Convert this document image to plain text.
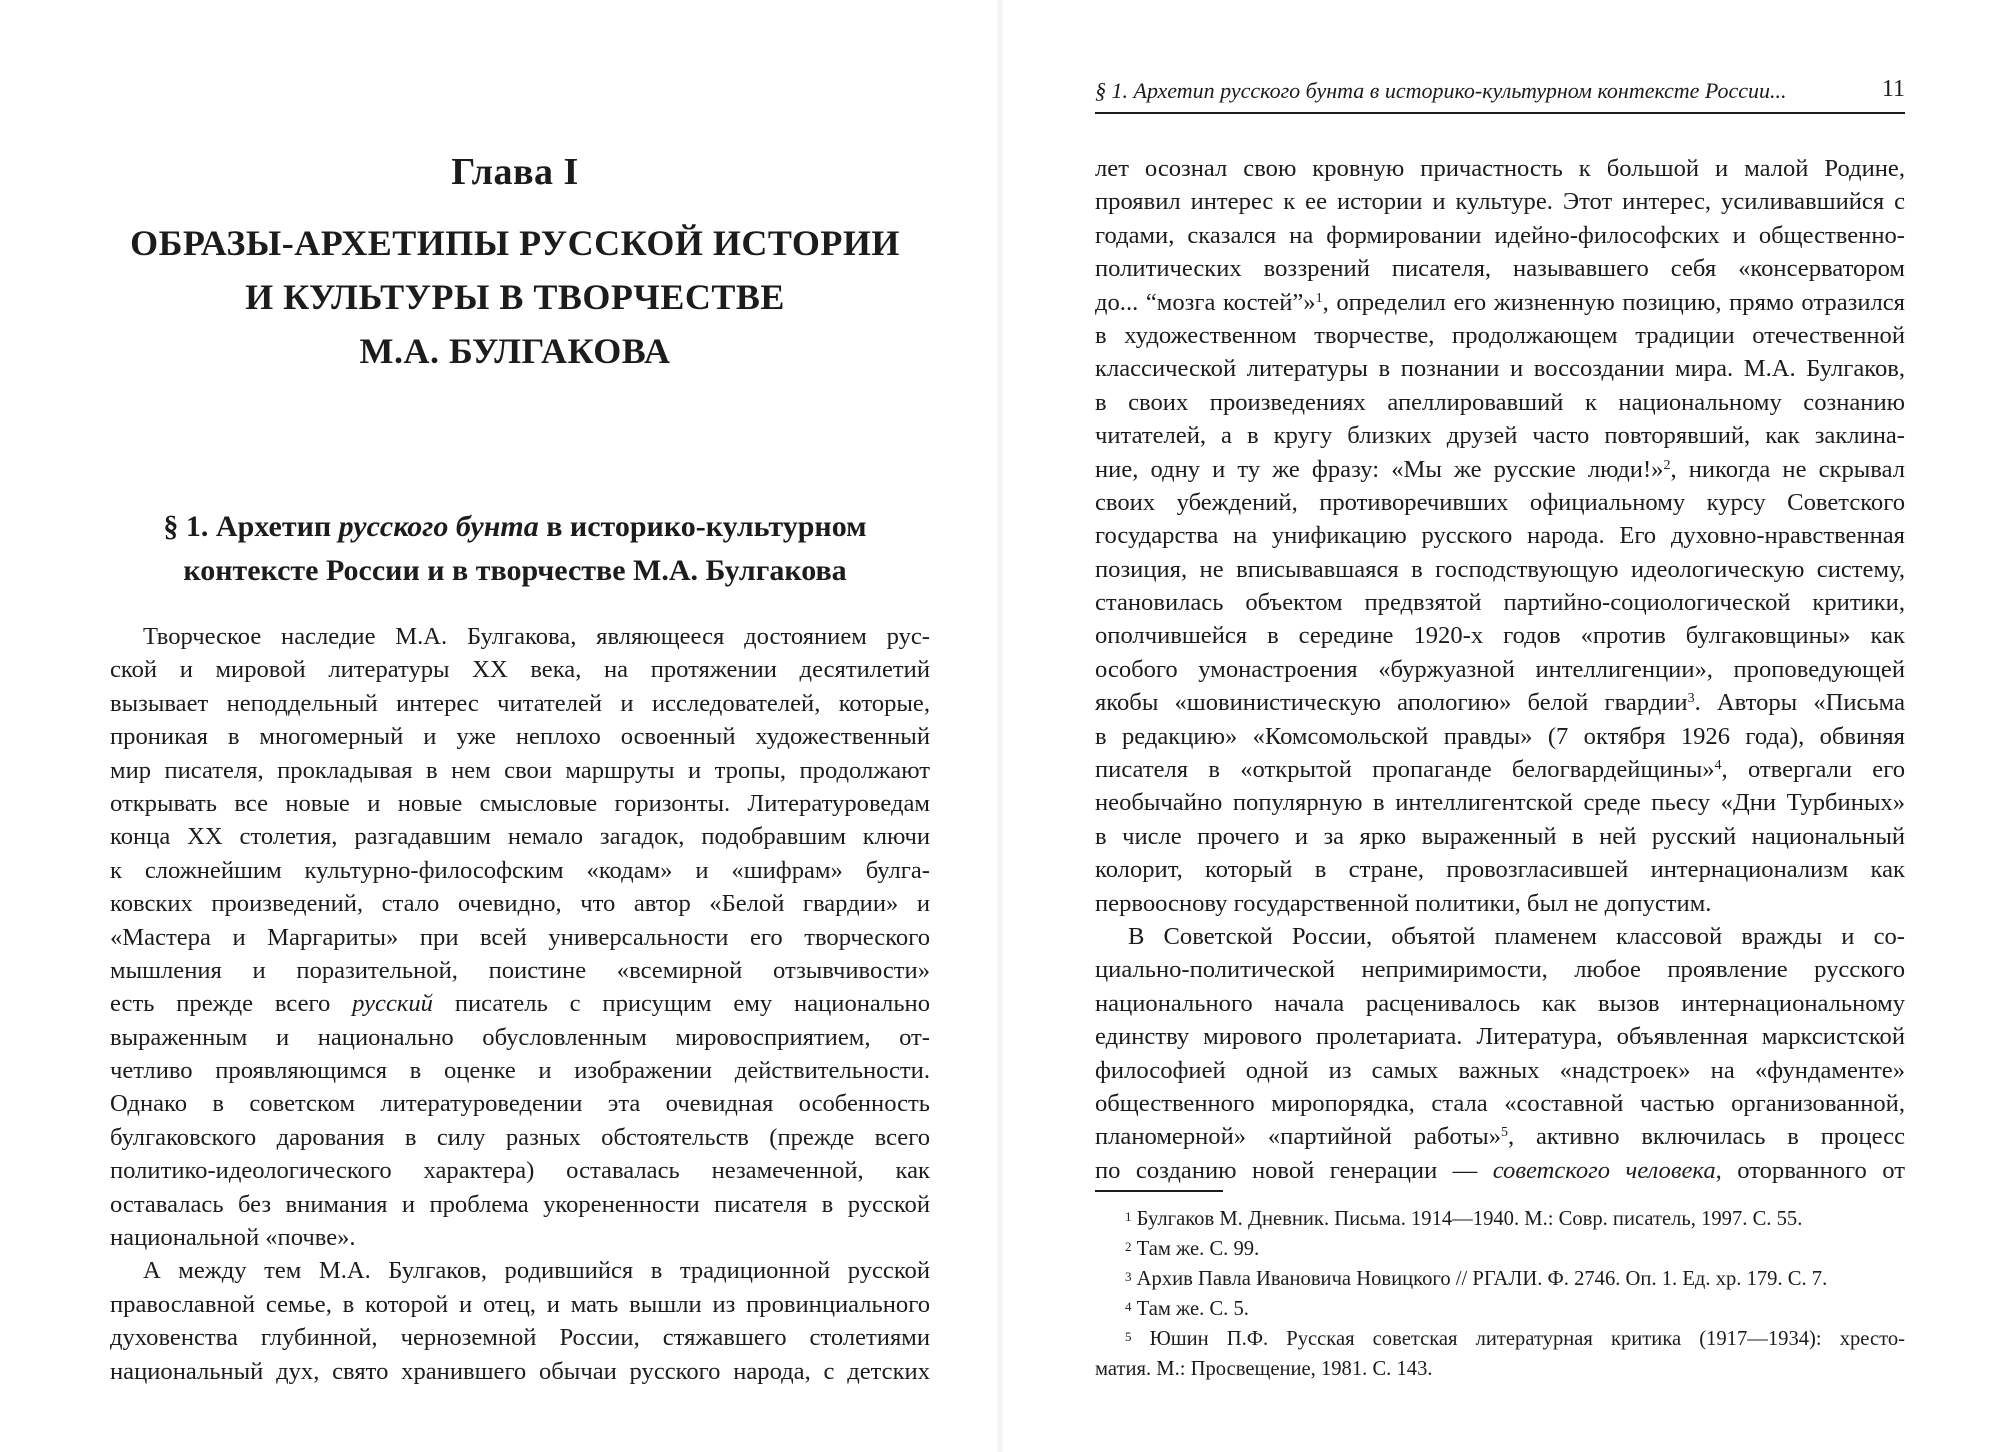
Глава I
ОБРАЗЫ-АРХЕТИПЫ РУССКОЙ ИСТОРИИ
И КУЛЬТУРЫ В ТВОРЧЕСТВЕ
М.А. БУЛГАКОВА
§ 1. Архетип русского бунта в историко-культурном
контексте России и в творчестве М.А. Булгакова
Творческое наследие М.А. Булгакова, являющееся достоянием рус-
ской и мировой литературы XX века, на протяжении десятилетий
вызывает неподдельный интерес читателей и исследователей, которые,
проникая в многомерный и уже неплохо освоенный художественный
мир писателя, прокладывая в нем свои маршруты и тропы, продолжают
открывать все новые и новые смысловые горизонты. Литературоведам
конца XX столетия, разгадавшим немало загадок, подобравшим ключи
к сложнейшим культурно-философским «кодам» и «шифрам» булга-
ковских произведений, стало очевидно, что автор «Белой гвардии» и
«Мастера и Маргариты» при всей универсальности его творческого
мышления и поразительной, поистине «всемирной отзывчивости»
есть прежде всего русский писатель с присущим ему национально
выраженным и национально обусловленным мировосприятием, от-
четливо проявляющимся в оценке и изображении действительности.
Однако в советском литературоведении эта очевидная особенность
булгаковского дарования в силу разных обстоятельств (прежде всего
политико-идеологического характера) оставалась незамеченной, как
оставалась без внимания и проблема укорененности писателя в русской
национальной «почве».
А между тем М.А. Булгаков, родившийся в традиционной русской
православной семье, в которой и отец, и мать вышли из провинциального
духовенства глубинной, черноземной России, стяжавшего столетиями
национальный дух, свято хранившего обычаи русского народа, с детских
§ 1. Архетип русского бунта в историко-культурном контексте России...	11
лет осознал свою кровную причастность к большой и малой Родине,
проявил интерес к ее истории и культуре. Этот интерес, усиливавшийся с
годами, сказался на формировании идейно-философских и общественно-
политических воззрений писателя, называвшего себя «консерватором
до... “мозга костей”»$^1$, определил его жизненную позицию, прямо отразился
в художественном творчестве, продолжающем традиции отечественной
классической литературы в познании и воссоздании мира. М.А. Булгаков,
в своих произведениях апеллировавший к национальному сознанию
читателей, а в кругу близких друзей часто повторявший, как заклина-
ние, одну и ту же фразу: «Мы же русские люди!»$^2$, никогда не скрывал
своих убеждений, противоречивших официальному курсу Советского
государства на унификацию русского народа. Его духовно-нравственная
позиция, не вписывавшаяся в господствующую идеологическую систему,
становилась объектом предвзятой партийно-социологической критики,
ополчившейся в середине 1920-х годов «против булгаковщины» как
особого умонастроения «буржуазной интеллигенции», проповедующей
якобы «шовинистическую апологию» белой гвардии$^3$. Авторы «Письма
в редакцию» «Комсомольской правды» (7 октября 1926 года), обвиняя
писателя в «открытой пропаганде белогвардейщины»$^4$, отвергали его
необычайно популярную в интеллигентской среде пьесу «Дни Турбиных»
в числе прочего и за ярко выраженный в ней русский национальный
колорит, который в стране, провозгласившей интернационализм как
первооснову государственной политики, был не допустим.
В Советской России, объятой пламенем классовой вражды и со-
циально-политической непримиримости, любое проявление русского
национального начала расценивалось как вызов интернациональному
единству мирового пролетариата. Литература, объявленная марксистской
философией одной из самых важных «надстроек» на «фундаменте»
общественного миропорядка, стала «составной частью организованной,
планомерной» «партийной работы»$^5$, активно включилась в процесс
по созданию новой генерации — советского человека, оторванного от
$^1$ Булгаков М. Дневник. Письма. 1914—1940. М.: Совр. писатель, 1997. С. 55.
$^2$ Там же. С. 99.
$^3$ Архив Павла Ивановича Новицкого // РГАЛИ. Ф. 2746. Оп. 1. Ед. хр. 179. С. 7.
$^4$ Там же. С. 5.
$^5$ Юшин П.Ф. Русская советская литературная критика (1917—1934): хресто-
матия. М.: Просвещение, 1981. С. 143.
